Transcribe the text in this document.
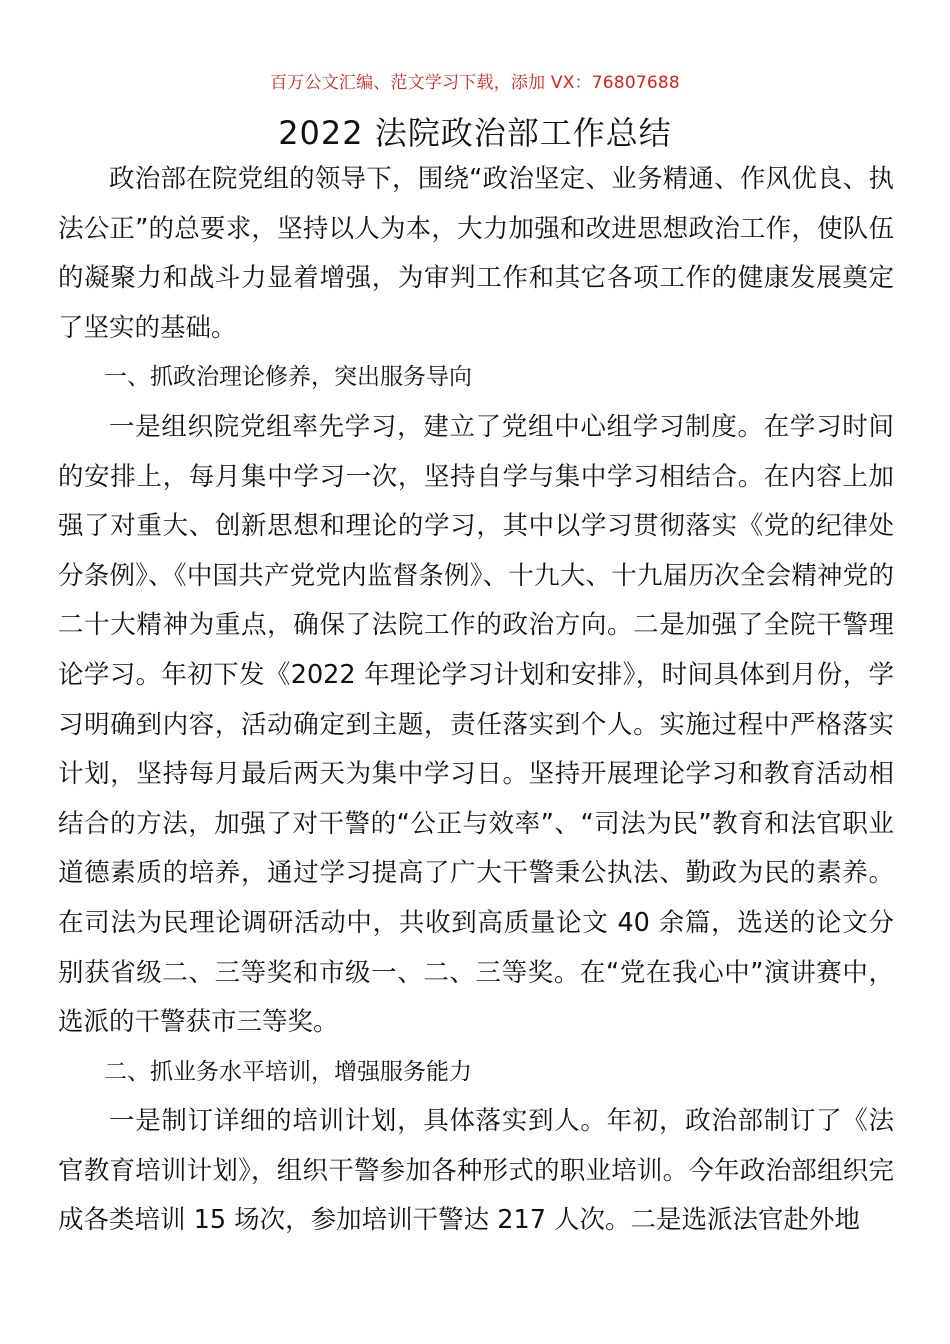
百万公文汇编、范文学习下载，添加 VX：76807688
2022 法院政治部工作总结

政治部在院党组的领导下，围绕“政治坚定、业务精通、作风优良、执法公正”的总要求，坚持以人为本，大力加强和改进思想政治工作，使队伍的凝聚力和战斗力显着增强，为审判工作和其它各项工作的健康发展奠定了坚实的基础。

一、抓政治理论修养，突出服务导向

一是组织院党组率先学习，建立了党组中心组学习制度。在学习时间的安排上，每月集中学习一次，坚持自学与集中学习相结合。在内容上加强了对重大、创新思想和理论的学习，其中以学习贯彻落实《党的纪律处分条例》、《中国共产党党内监督条例》、十九大、十九届历次全会精神党的二十大精神为重点，确保了法院工作的政治方向。二是加强了全院干警理论学习。年初下发《2022 年理论学习计划和安排》，时间具体到月份，学习明确到内容，活动确定到主题，责任落实到个人。实施过程中严格落实计划，坚持每月最后两天为集中学习日。坚持开展理论学习和教育活动相结合的方法，加强了对干警的“公正与效率”、“司法为民”教育和法官职业道德素质的培养，通过学习提高了广大干警秉公执法、勤政为民的素养。在司法为民理论调研活动中，共收到高质量论文 40 余篇，选送的论文分别获省级二、三等奖和市级一、二、三等奖。在“党在我心中”演讲赛中，选派的干警获市三等奖。

二、抓业务水平培训，增强服务能力

一是制订详细的培训计划，具体落实到人。年初，政治部制订了《法官教育培训计划》，组织干警参加各种形式的职业培训。今年政治部组织完成各类培训 15 场次，参加培训干警达 217 人次。二是选派法官赴外地
